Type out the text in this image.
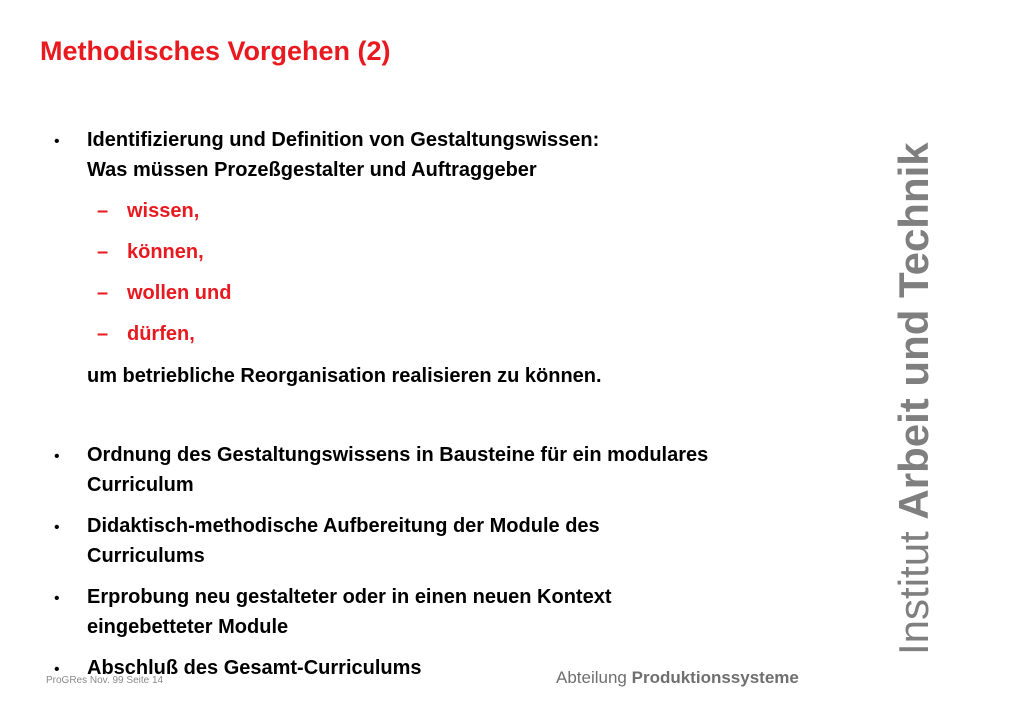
Methodisches Vorgehen (2)
• Identifizierung und Definition von Gestaltungswissen:
Was müssen Prozeßgestalter und Auftraggeber
– wissen,
– können,
– wollen und
– dürfen,
um betriebliche Reorganisation realisieren zu können.
• Ordnung des Gestaltungswissens in Bausteine für ein modulares
Curriculum
• Didaktisch-methodische Aufbereitung der Module des
Curriculums
• Erprobung neu gestalteter oder in einen neuen Kontext
eingebetteter Module
• Abschluß des Gesamt-Curriculums
Institut Arbeit und Technik
ProGRes Nov. 99 Seite 14	Abteilung Produktionssysteme
